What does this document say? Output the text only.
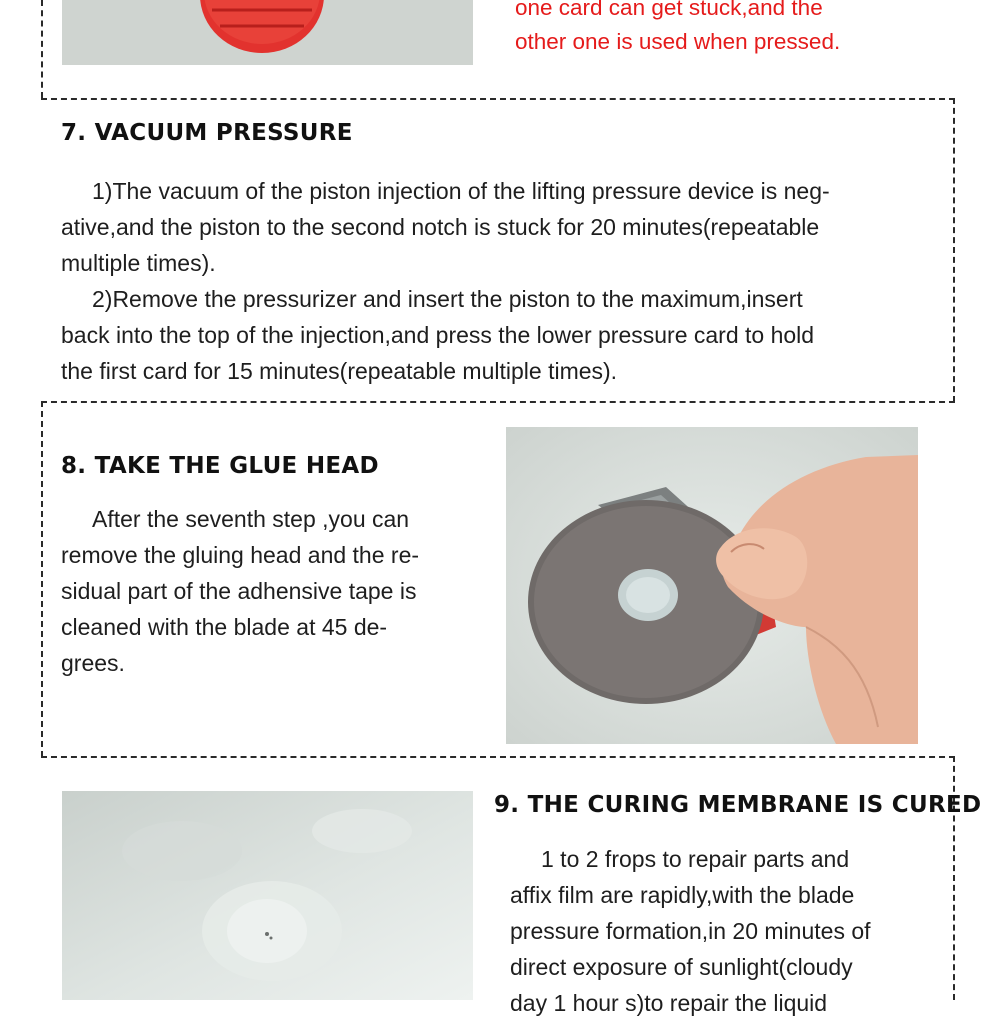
one card can get stuck,and the
other one is used when pressed.
7. VACUUM PRESSURE
1)The vacuum of the piston injection of the lifting pressure device is neg-
ative,and the piston to the second notch is stuck for 20 minutes(repeatable
multiple times).
2)Remove the pressurizer and insert the piston to the maximum,insert
back into the top of the injection,and press the lower pressure card to hold
the first card for 15 minutes(repeatable multiple times).
8. TAKE THE GLUE HEAD
After the seventh step ,you can
remove the gluing head and the re-
sidual part of the adhensive tape is
cleaned with the blade at 45 de-
grees.
9. THE CURING MEMBRANE IS CURED
1 to 2 frops to repair parts and
affix film are rapidly,with the blade
pressure formation,in 20 minutes of
direct exposure of sunlight(cloudy
day 1 hour s)to repair the liquid
